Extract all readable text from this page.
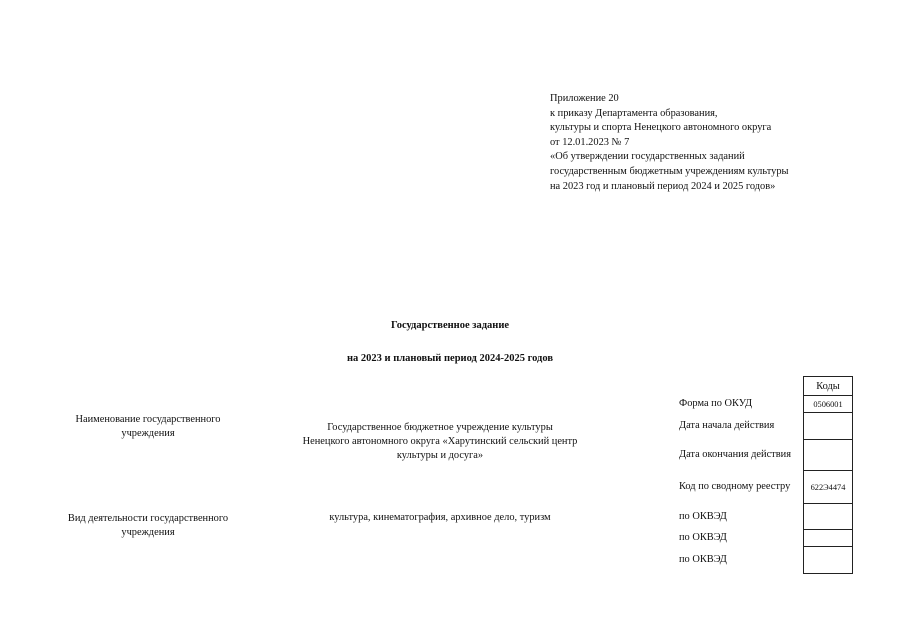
Приложение 20
к приказу Департамента образования,
культуры и спорта Ненецкого автономного округа
от 12.01.2023 № 7
«Об утверждении государственных заданий
государственным бюджетным учреждениям культуры
на 2023 год и плановый период 2024 и 2025 годов»
Государственное задание
на 2023 и плановый период 2024-2025 годов
Наименование государственного
учреждения
Государственное бюджетное учреждение культуры
Ненецкого автономного округа «Харутинский сельский центр
культуры и досуга»
Вид деятельности государственного
учреждения
культура, кинематография, архивное дело, туризм
	Коды
Форма по ОКУД	0506001
Дата начала действия	
Дата окончания действия	
Код по сводному реестру	622Э4474
по ОКВЭД	
по ОКВЭД	
по ОКВЭД	
